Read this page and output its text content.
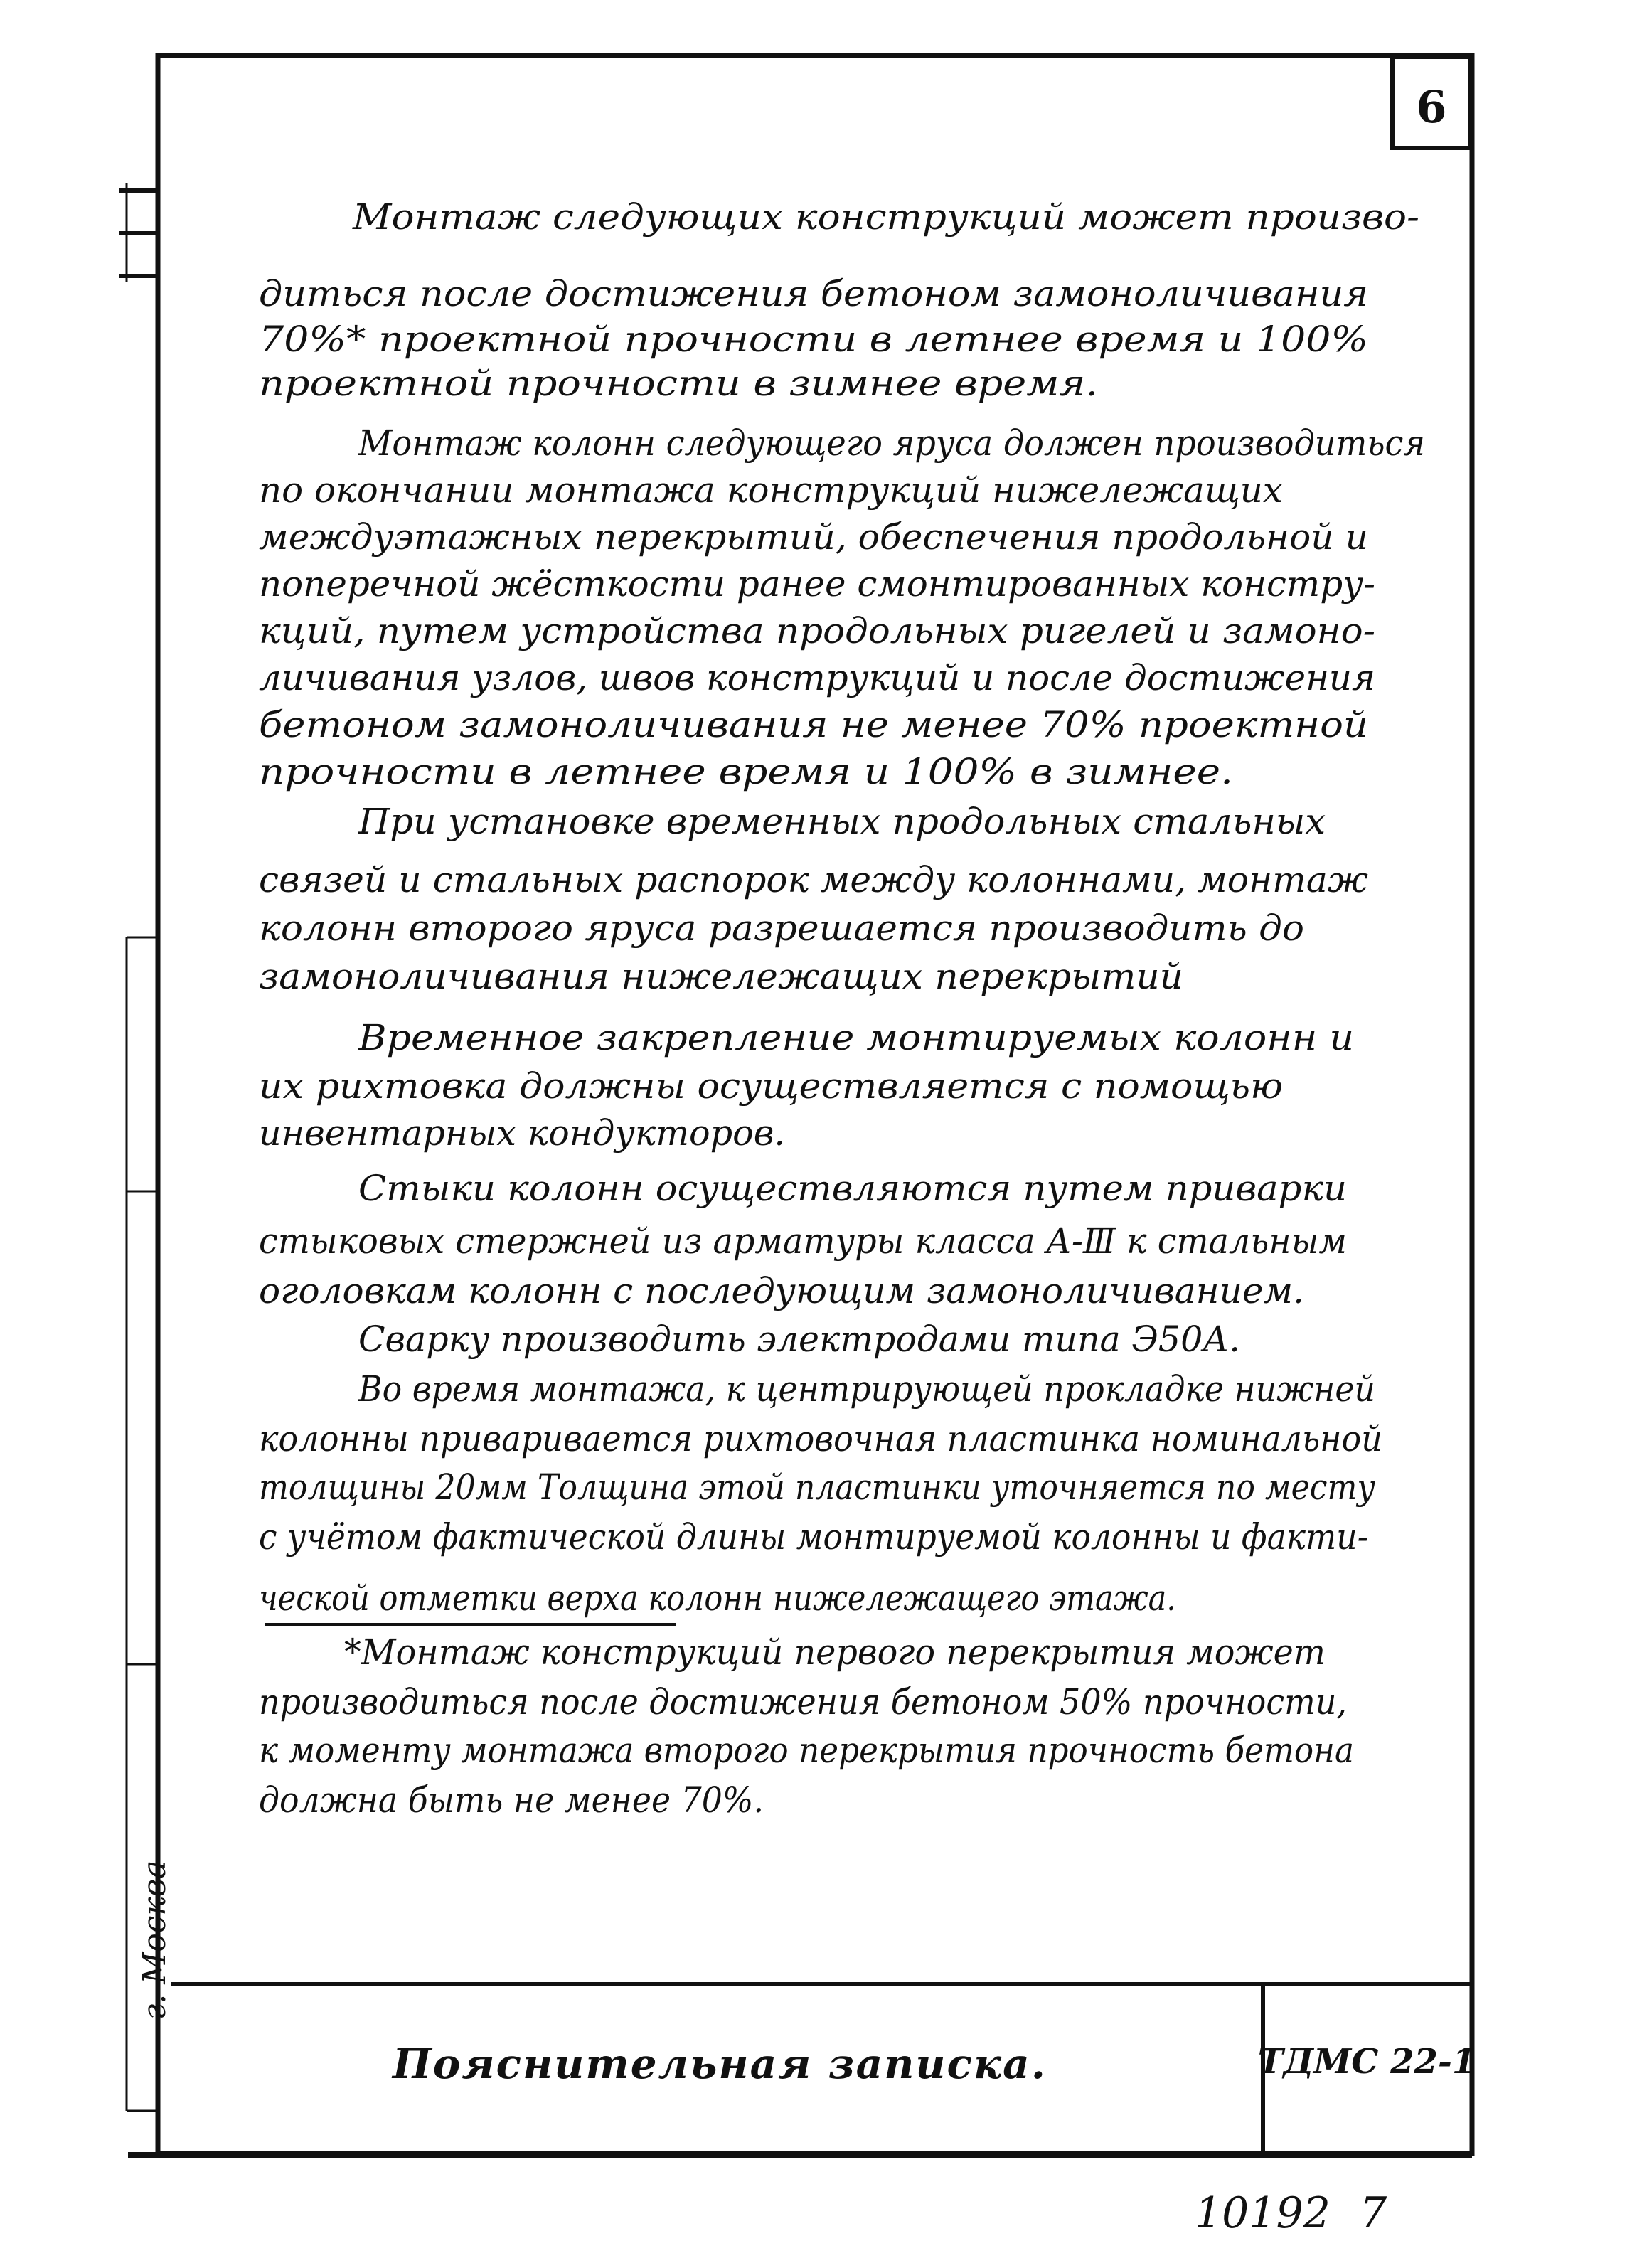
6
г. Москва
Пояснительная записка.	ТДМС 22-1
10192 7
Монтаж следующих конструкций может произво-
диться после достижения бетоном замоноличивания
70%* проектной прочности в летнее время и 100%
проектной прочности в зимнее время.
Монтаж колонн следующего яруса должен производиться
по окончании монтажа конструкций нижележащих
междуэтажных перекрытий, обеспечения продольной и
поперечной жёсткости ранее смонтированных констру-
кций, путем устройства продольных ригелей и замоно-
личивания узлов, швов конструкций и после достижения
бетоном замоноличивания не менее 70% проектной
прочности в летнее время и 100% в зимнее.
При установке временных продольных стальных
связей и стальных распорок между колоннами, монтаж
колонн второго яруса разрешается производить до
замоноличивания нижележащих перекрытий
Временное закрепление монтируемых колонн и
их рихтовка должны осуществляется с помощью
инвентарных кондукторов.
Стыки колонн осуществляются путем приварки
стыковых стержней из арматуры класса А-Ⅲ к стальным
оголовкам колонн с последующим замоноличиванием.
Сварку производить электродами типа Э50А.
Во время монтажа, к центрирующей прокладке нижней
колонны приваривается рихтовочная пластинка номинальной
толщины 20мм Толщина этой пластинки уточняется по месту
с учётом фактической длины монтируемой колонны и факти-
ческой отметки верха колонн нижележащего этажа.
*Монтаж конструкций первого перекрытия может
производиться после достижения бетоном 50% прочности,
к моменту монтажа второго перекрытия прочность бетона
должна быть не менее 70%.
